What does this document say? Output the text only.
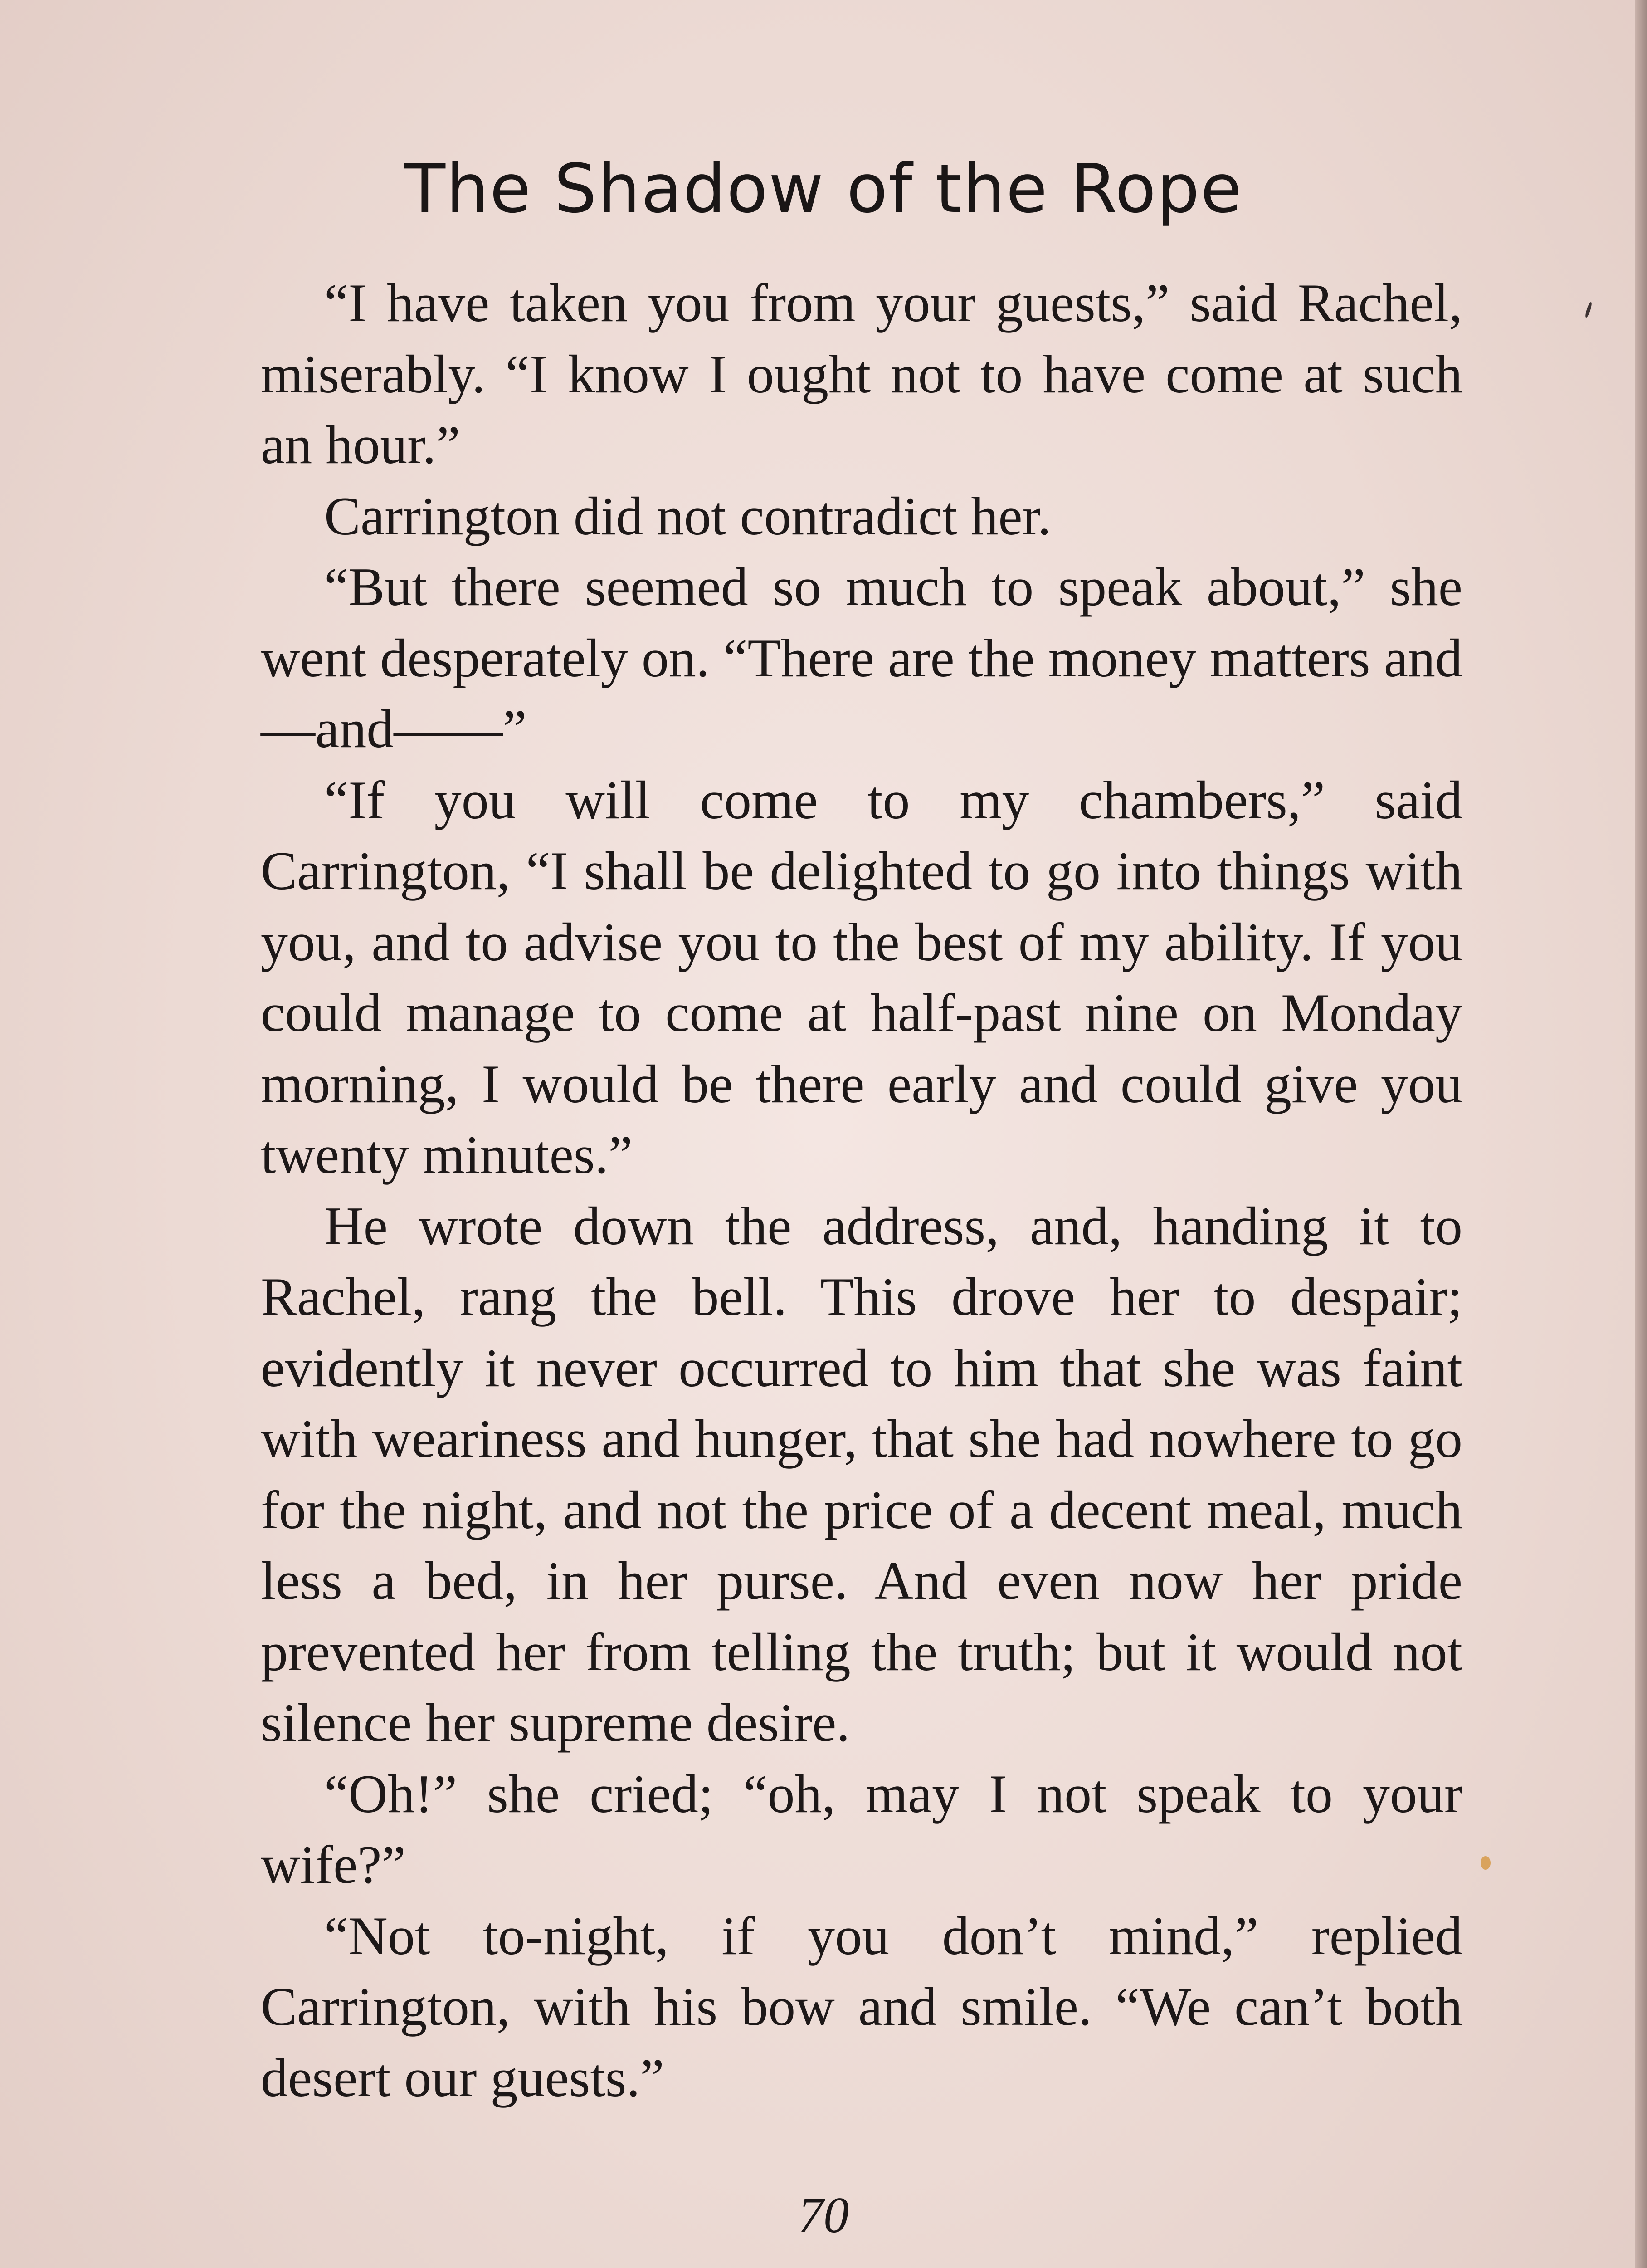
The Shadow of the Rope

“I have taken you from your guests,” said Rachel, miserably. “I know I ought not to have come at such an hour.”

Carrington did not contradict her.

“But there seemed so much to speak about,” she went desperately on. “There are the money matters and—and——”

“If you will come to my chambers,” said Carrington, “I shall be delighted to go into things with you, and to advise you to the best of my ability. If you could manage to come at half-past nine on Monday morning, I would be there early and could give you twenty minutes.”

He wrote down the address, and, handing it to Rachel, rang the bell. This drove her to despair; evidently it never occurred to him that she was faint with weariness and hunger, that she had nowhere to go for the night, and not the price of a decent meal, much less a bed, in her purse. And even now her pride prevented her from telling the truth; but it would not silence her supreme desire.

“Oh!” she cried; “oh, may I not speak to your wife?”

“Not to-night, if you don’t mind,” replied Carrington, with his bow and smile. “We can’t both desert our guests.”

70
